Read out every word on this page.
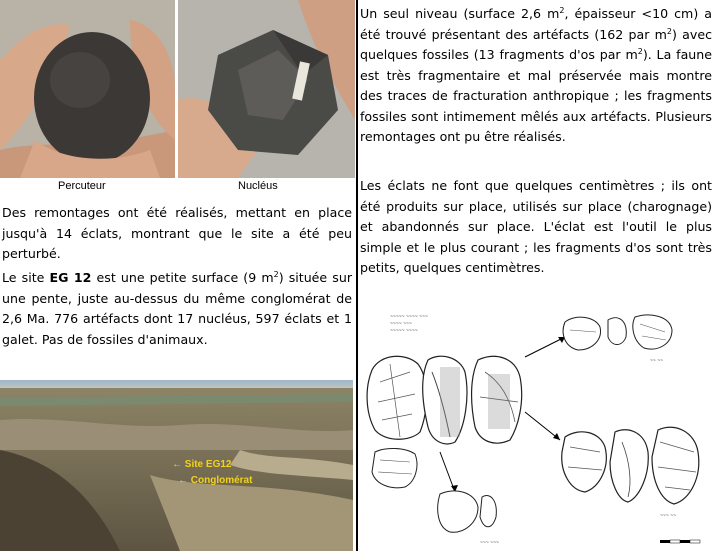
Percuteur	Nucléus
Des remontages ont été réalisés, mettant en place jusqu'à 14 éclats, montrant que le site a été peu perturbé.
Le site EG 12 est une petite surface (9 $m^2$) située sur une pente, juste au-dessus du même conglomérat de 2,6 Ma. 776 artéfacts dont 17 nucléus, 597 éclats et 1 galet. Pas de fossiles d'animaux.
← Site EG12
← Conglomérat
Un seul niveau (surface 2,6 $m^2$, épaisseur <10 cm) a été trouvé présentant des artéfacts (162 par $m^2$) avec quelques fossiles (13 fragments d'os par $m^2$). La faune est très fragmentaire et mal préservée mais montre des traces de fracturation anthropique ; les fragments fossiles sont intimement mêlés aux artéfacts. Plusieurs remontages ont pu être réalisés.
Les éclats ne font que quelques centimètres ; ils ont été produits sur place, utilisés sur place (charognage) et abandonnés sur place. L'éclat est l'outil le plus simple et le plus courant ; les fragments d'os sont très petits, quelques centimètres.
~~~~~ ~~~~ ~~~
~~~~ ~~~
~~~~~ ~~~~
~~ ~~
~~~ ~~
~~~ ~~~
